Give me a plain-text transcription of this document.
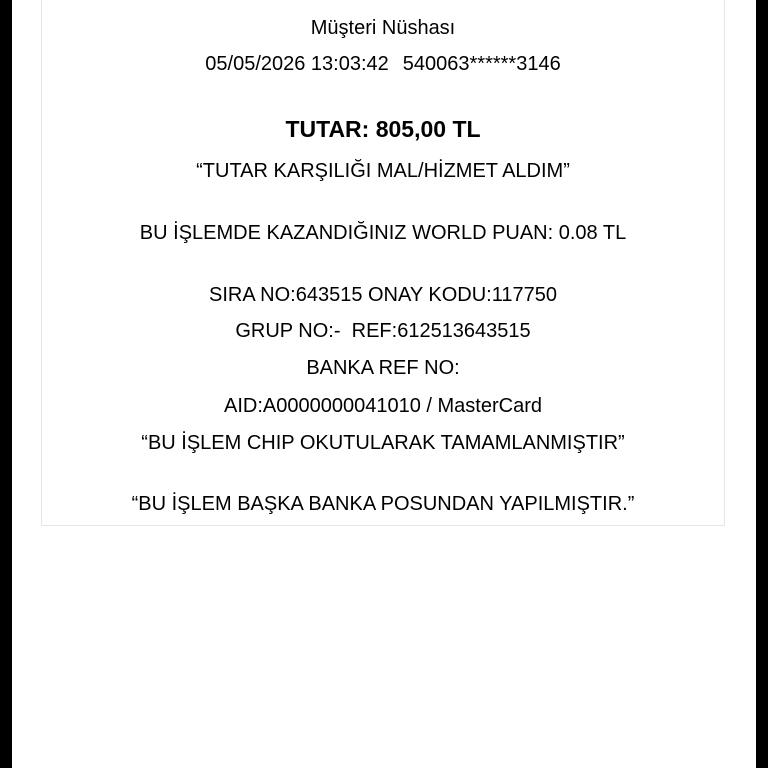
Müşteri Nüshası
05/05/2026 13:03:42 540063******3146
TUTAR: 805,00 TL
“TUTAR KARŞILIĞI MAL/HİZMET ALDIM”
BU İŞLEMDE KAZANDIĞINIZ WORLD PUAN: 0.08 TL
SIRA NO:643515 ONAY KODU:117750
GRUP NO:-  REF:612513643515
BANKA REF NO:
AID:A0000000041010 / MasterCard
“BU İŞLEM CHIP OKUTULARAK TAMAMLANMIŞTIR”
“BU İŞLEM BAŞKA BANKA POSUNDAN YAPILMIŞTIR.”
